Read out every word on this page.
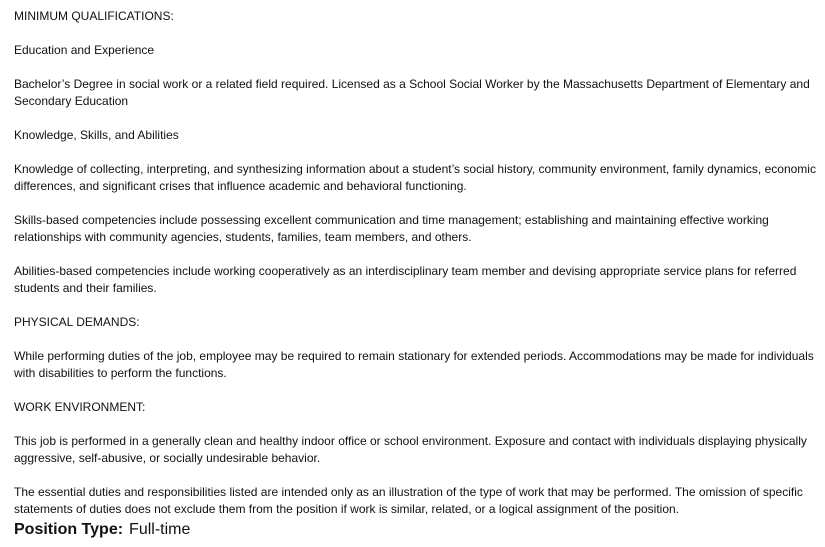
MINIMUM QUALIFICATIONS:

Education and Experience

Bachelor’s Degree in social work or a related field required. Licensed as a School Social Worker by the Massachusetts Department of Elementary and Secondary Education

Knowledge, Skills, and Abilities

Knowledge of collecting, interpreting, and synthesizing information about a student’s social history, community environment, family dynamics, economic differences, and significant crises that influence academic and behavioral functioning.

Skills-based competencies include possessing excellent communication and time management; establishing and maintaining effective working relationships with community agencies, students, families, team members, and others.

Abilities-based competencies include working cooperatively as an interdisciplinary team member and devising appropriate service plans for referred students and their families.

PHYSICAL DEMANDS:

While performing duties of the job, employee may be required to remain stationary for extended periods. Accommodations may be made for individuals with disabilities to perform the functions.

WORK ENVIRONMENT:

This job is performed in a generally clean and healthy indoor office or school environment. Exposure and contact with individuals displaying physically aggressive, self-abusive, or socially undesirable behavior.

The essential duties and responsibilities listed are intended only as an illustration of the type of work that may be performed. The omission of specific statements of duties does not exclude them from the position if work is similar, related, or a logical assignment of the position.

Position Type: Full-time
